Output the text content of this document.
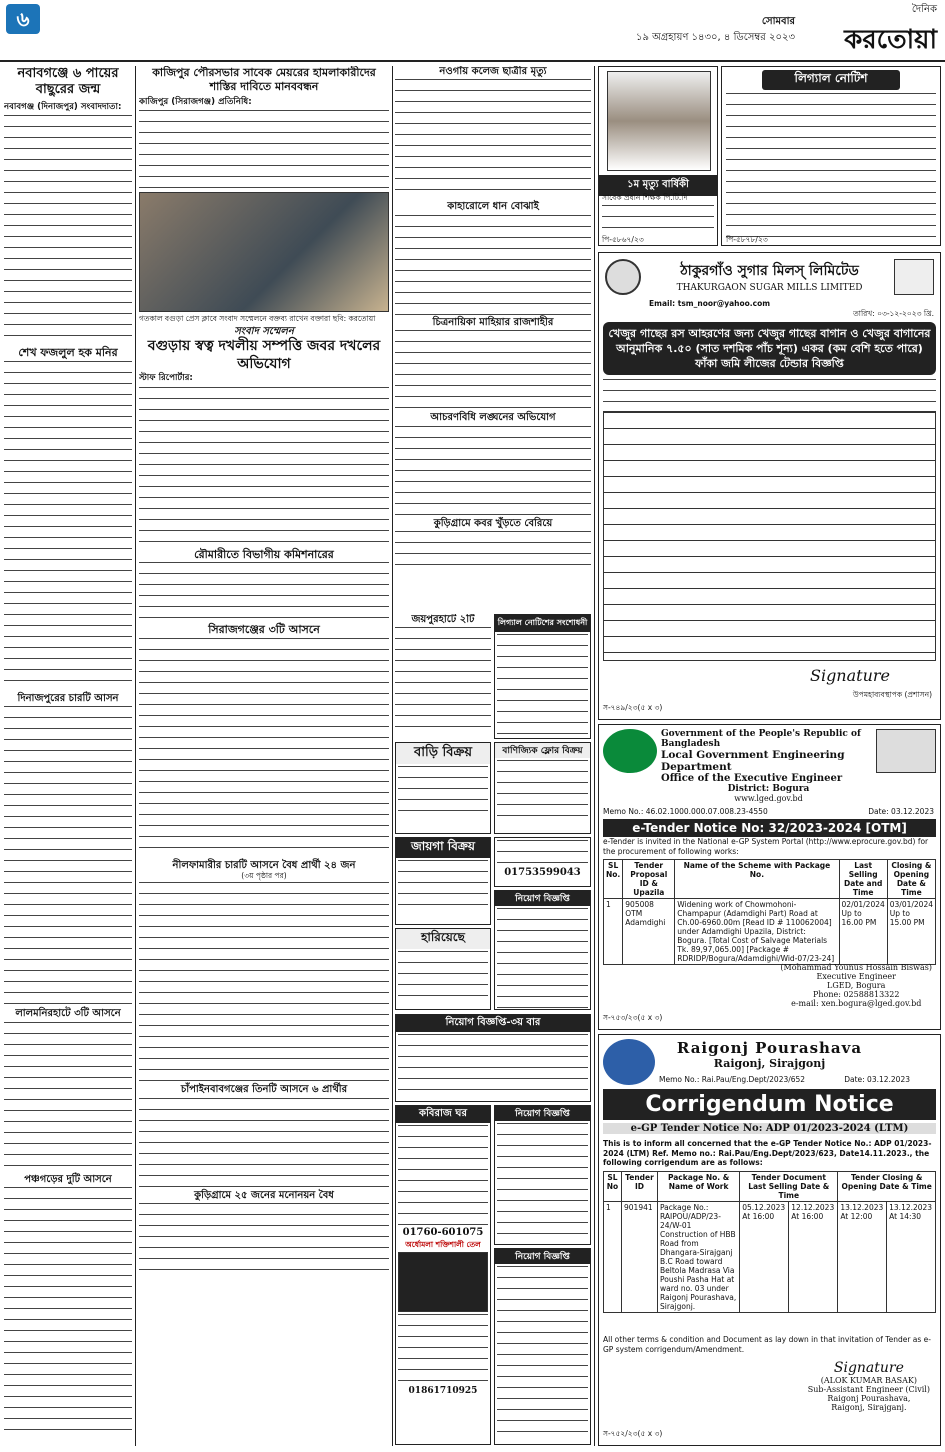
৬	সোমবার
১৯ অগ্রহায়ণ ১৪৩০, ৪ ডিসেম্বর ২০২৩
দৈনিক
করতোয়া
নবাবগঞ্জে ৬ পায়ের বাছুরের জন্ম
নবাবগঞ্জ (দিনাজপুর) সংবাদদাতা:
শেখ ফজলুল হক মনির
দিনাজপুরের চারটি আসন
লালমনিরহাটে ৩টি আসনে
পঞ্চগড়ের দুটি আসনে
কাজিপুর পৌরসভার সাবেক মেয়রের হামলাকারীদের শাস্তির দাবিতে মানববন্ধন
কাজিপুর (সিরাজগঞ্জ) প্রতিনিধি:
গতকাল বগুড়া প্রেস ক্লাবে সংবাদ সম্মেলনে বক্তব্য রাখেন বক্তারা ছবি: করতোয়া
সংবাদ সম্মেলন
বগুড়ায় স্বত্ব দখলীয় সম্পত্তি জবর দখলের অভিযোগ
স্টাফ রিপোর্টার:
রৌমারীতে বিভাগীয় কমিশনারের
সিরাজগঞ্জের ৩টি আসনে
নীলফামারীর চারটি আসনে বৈধ প্রার্থী ২৪ জন
(৩য় পৃষ্ঠার পর)
চাঁপাইনবাবগঞ্জের তিনটি আসনে ৬ প্রার্থীর
কুড়িগ্রামে ২৫ জনের মনোনয়ন বৈধ
নওগাঁয় কলেজ ছাত্রীর মৃত্যু
কাহারোলে ধান বোঝাই
চিত্রনায়িকা মাহিয়ার রাজশাহীর
আচরণবিধি লঙ্ঘনের অভিযোগ
কুড়িগ্রামে কবর খুঁড়তে বেরিয়ে
জয়পুরহাটে ২টি	লিগ্যাল নোটিশের সংশোধনী
বাড়ি বিক্রয়	বাণিজ্যিক ফ্লোর বিক্রয়
জায়গা বিক্রয়
01753599043
নিয়োগ বিজ্ঞপ্তি
হারিয়েছে
নিয়োগ বিজ্ঞপ্তি-৩য় বার
কবিরাজ ঘর
01760-601075
অর্ধোমলা শক্তিশালী তেল
01861710925
নিয়োগ বিজ্ঞপ্তি
নিয়োগ বিজ্ঞপ্তি
১ম মৃত্যু বার্ষিকী
সাবেক প্রধান শিক্ষক পি.টি.দি
পি-৫৮৬৭/২৩
লিগ্যাল নোটিশ
পি-৫৮৭৮/২৩
ঠাকুরগাঁও সুগার মিলস্ লিমিটেড
THAKURGAON SUGAR MILLS LIMITED
Email: tsm_noor@yahoo.com
তারিখ: ০৩-১২-২০২৩ খ্রি.
খেজুর গাছের রস আহরণের জন্য খেজুর গাছের বাগান ও খেজুর বাগানের আনুমানিক ৭.৫০ (সাত দশমিক পাঁচ শূন্য) একর (কম বেশি হতে পারে) ফাঁকা জমি লীজের টেন্ডার বিজ্ঞপ্তি
Signature
উপমহাব্যবস্থাপক (প্রশাসন)
স-৭৪৯/২৩(৫ x ৩)
Government of the People's Republic of Bangladesh
Local Government Engineering Department
Office of the Executive Engineer
District: Bogura
www.lged.gov.bd
Memo No.: 46.02.1000.000.07.008.23-4550	Date: 03.12.2023
e-Tender Notice No: 32/2023-2024 [OTM]
e-Tender is invited in the National e-GP System Portal (http://www.eprocure.gov.bd) for the procurement of following works:
SL No.	Tender Proposal ID & Upazila	Name of the Scheme with Package No.	Last Selling Date and Time	Closing & Opening Date & Time
1	905008 OTM Adamdighi	Widening work of Chowmohoni-Champapur (Adamdighi Part) Road at Ch.00-6960.00m [Read ID # 110062004] under Adamdighi Upazila, District: Bogura. [Total Cost of Salvage Materials Tk. 89,97,065.00] [Package # RDRIDP/Bogura/Adamdighi/Wid-07/23-24]	02/01/2024 Up to 16.00 PM	03/01/2024 Up to 15.00 PM
(Mohammad Younus Hossain Biswas)
Executive Engineer
LGED, Bogura
Phone: 02588813322
e-mail: xen.bogura@lged.gov.bd
স-৭৫৩/২৩(৫ x ৩)
Raigonj Pourashava
Raigonj, Sirajgonj
Memo No.: Rai.Pau/Eng.Dept/2023/652	Date: 03.12.2023
Corrigendum Notice
e-GP Tender Notice No: ADP 01/2023-2024 (LTM)
This is to inform all concerned that the e-GP Tender Notice No.: ADP 01/2023-2024 (LTM) Ref. Memo no.: Rai.Pau/Eng.Dept/2023/623, Date14.11.2023., the following corrigendum are as follows:
SL No	Tender ID	Package No. & Name of Work	Tender Document Last Selling Date & Time		Tender Closing & Opening Date & Time	
1	901941	Package No.: RAIPOU/ADP/23-24/W-01 Construction of HBB Road from Dhangara-Sirajganj B.C Road toward Beltola Madrasa Via Poushi Pasha Hat at ward no. 03 under Raigonj Pourashava, Sirajgonj.	05.12.2023 At 16:00	12.12.2023 At 16:00	13.12.2023 At 12:00	13.12.2023 At 14:30
All other terms & condition and Document as lay down in that invitation of Tender as e-GP system corrigendum/Amendment.
Signature
(ALOK KUMAR BASAK)
Sub-Assistant Engineer (Civil)
Raigonj Pourashava,
Raigonj, Sirajganj.
স-৭৫২/২৩(৫ x ৩)
